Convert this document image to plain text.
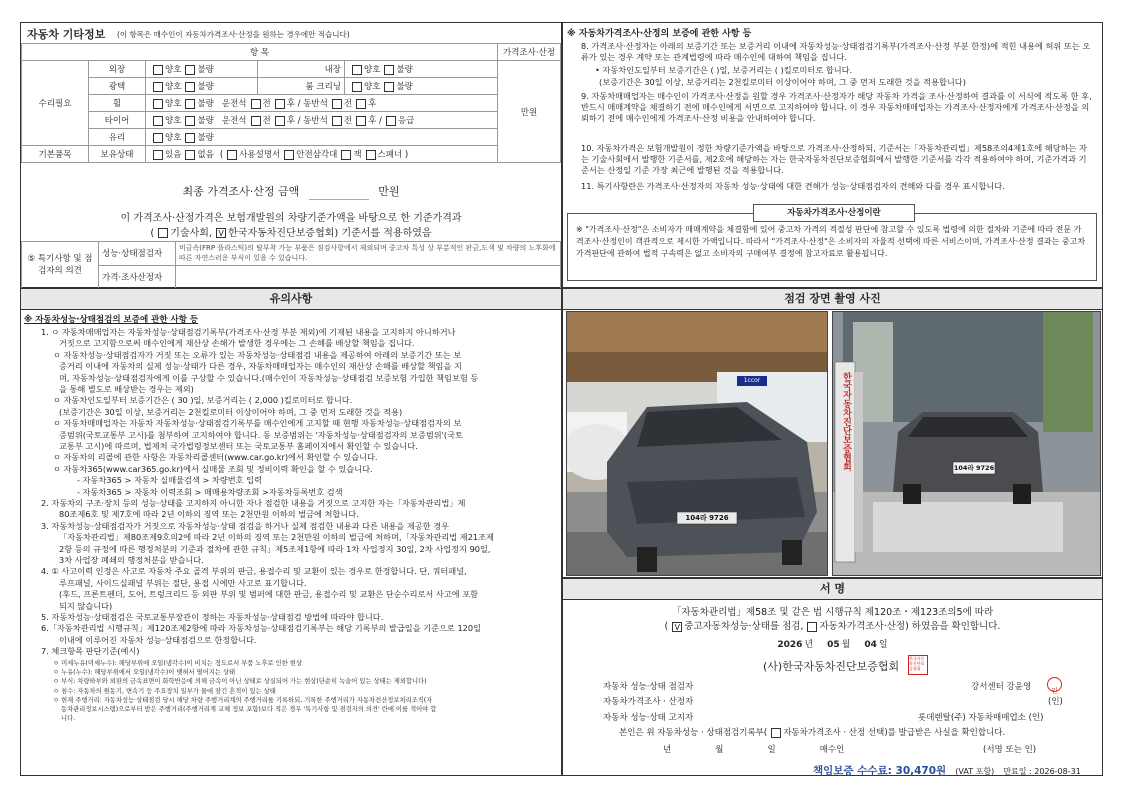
자동차 기타정보 (이 항목은 매수인이 자동차가격조사·산정을 원하는 경우에만 적습니다)
항 목					가격조사·산정
수리필요	외장	양호 불량	내장	양호 불량	만원
	광택	양호 불량	룸 크리닝	양호 불량	
	휠	양호 불량 운전석 전 후 / 동반석 전 후			
	타이어	양호 불량 운전석 전 후 / 동반석 전 후 / 응급			
	유리	양호 불량			
기본품목	보유상태	있음 없음 ( 사용설명서 안전삼각대 잭 스패너 )			
최종 가격조사·산정 금액	만원
이 가격조사·산정가격은 보험개발원의 차량기준가액을 바탕으로 한 기준가격과
( 기술사회, V 한국자동차진단보증협회) 기준서를 적용하였음
⑤ 특기사항 및 점검자의 의견	성능·상태점검자	비금속(FRP 플라스틱)의 탈부착 가능 부품은 점검사항에서 제외되며 중고차 특성 상 부분적인 판금,도색 및 차량의 노후화에 따른 자연스러운 부식이 있을 수 있습니다.
	가격·조사산정자	
※ 자동차가격조사·산정의 보증에 관한 사항 등
8. 가격조사·산정자는 아래의 보증기간 또는 보증거리 이내에 자동차성능·상태점검기록부(가격조사·산정 부분 한정)에 적힌 내용에 허위 또는 오류가 있는 경우 계약 또는 관계법령에 따라 매수인에 대하여 책임을 집니다.
• 자동차인도일부터 보증기간은 ( )일, 보증거리는 ( )킬로미터로 합니다.
(보증기간은 30일 이상, 보증거리는 2천킬로미터 이상이어야 하며, 그 중 먼저 도래한 것을 적용합니다)
9. 자동차매매업자는 매수인이 가격조사·산정을 원할 경우 가격조사·산정자가 해당 자동차 가격을 조사·산정하여 결과를 이 서식에 적도록 한 후, 반드시 매매계약을 체결하기 전에 매수인에게 서면으로 고지하여야 합니다. 이 경우 자동차매매업자는 가격조사·산정자에게 가격조사·산정을 의뢰하기 전에 매수인에게 가격조사·산정 비용을 안내하여야 합니다.
10. 자동차가격은 보험개발원이 정한 차량기준가액을 바탕으로 가격조사·산정하되, 기준서는「자동차관리법」제58조의4제1호에 해당하는 자는 기술사회에서 발행한 기준서를, 제2호에 해당하는 자는 한국자동차진단보증협회에서 발행한 기준서를 각각 적용하여야 하며, 기준가격과 기준서는 산정일 기준 가장 최근에 발행된 것을 적용합니다.
11. 특기사항란은 가격조사·산정자의 자동차 성능·상태에 대한 견해가 성능·상태점검자의 견해와 다를 경우 표시합니다.
자동차가격조사·산정이란
※ "가격조사·산정"은 소비자가 매매계약을 체결함에 있어 중고차 가격의 적절성 판단에 참고할 수 있도록 법령에 의한 절차와 기준에 따라 전문 가격조사·산정인이 객관적으로 제시한 가액입니다. 따라서 "가격조사·산정"은 소비자의 자율적 선택에 따른 서비스이며, 가격조사·산정 결과는 중고차 가격판단에 관하여 법적 구속력은 없고 소비자의 구매여부 결정에 참고자료로 활용됩니다.
유의사항
※ 자동차성능·상태점검의 보증에 관한 사항 등
1. ㅇ 자동차매매업자는 자동차성능·상태점검기록부(가격조사·산정 부분 제외)에 기재된 내용을 고지하지 아니하거나
거짓으로 고지함으로써 매수인에게 재산상 손해가 발생한 경우에는 그 손해를 배상할 책임을 집니다.
ㅇ 자동차성능·상태점검자가 거짓 또는 오류가 있는 자동차성능·상태점검 내용을 제공하여 아래의 보증기간 또는 보
증거리 이내에 자동차의 실제 성능·상태가 다른 경우, 자동차매매업자는 매수인의 재산상 손해를 배상할 책임을 지
며, 자동차성능·상태점검자에게 이를 구상할 수 있습니다.(매수인이 자동차성능·상태점검 보증보험 가입한 책임보험 등
을 통해 별도로 배상받는 경우는 제외)
ㅇ 자동차인도일부터 보증기간은 ( 30 )일, 보증거리는 ( 2,000 )킬로미터로 합니다.
(보증기간은 30일 이상, 보증거리는 2천킬로미터 이상이어야 하며, 그 중 먼저 도래한 것을 적용)
ㅇ 자동차매매업자는 자동차 자동차성능·상태점검기록부를 매수인에게 고지할 때 현행 자동차성능·상태점검자의 보
증범위(국토교통부 고시)를 첨부하여 고지하여야 합니다. 동 보증범위는 '자동차성능·상태점검자의 보증범위'(국토
교통부 고시)에 따르며, 법제처 국가법령정보센터 또는 국토교통부 홈페이지에서 확인할 수 있습니다.
ㅇ 자동차의 리콜에 관한 사항은 자동차리콜센터(www.car.go.kr)에서 확인할 수 있습니다.
ㅇ 자동차365(www.car365.go.kr)에서 실매물 조회 및 정비이력 확인을 할 수 있습니다.
- 자동차365 > 자동차 실매물검색 > 차량번호 입력
- 자동차365 > 자동차 이력조회 > 매매용차량조회 >자동차등록번호 검색
2. 자동차의 구조·장치 등의 성능·상태를 고지하지 아니한 자나 점검한 내용을 거짓으로 고지한 자는「자동차관리법」제
80조제6호 및 제7호에 따라 2년 이하의 징역 또는 2천만원 이하의 벌금에 처합니다.
3. 자동차성능·상태점검자가 거짓으로 자동차성능·상태 점검을 하거나 실제 점검한 내용과 다른 내용을 제공한 경우
「자동차관리법」제80조제9호의2에 따라 2년 이하의 징역 또는 2천만원 이하의 벌금에 처하며,「자동차관리법 제21조제
2항 등의 규정에 따른 행정처분의 기준과 절차에 관한 규칙」제5조제1항에 따라 1차 사업정지 30일, 2차 사업정지 90일,
3차 사업장 폐쇄의 행정처분을 받습니다.
4. ① 사고이력 인정은 사고로 자동차 주요 골격 부위의 판금, 용접수리 및 교환이 있는 경우로 한정합니다. 단, 쿼터패널,
루프패널, 사이드실패널 부위는 절단, 용접 시에만 사고로 표기합니다.
(후드, 프론트펜더, 도어, 트렁크리드 등 외판 부위 및 범퍼에 대한 판금, 용접수리 및 교환은 단순수리로서 사고에 포함
되지 않습니다)
5. 자동차성능·상태점검은 국토교통부장관이 정하는 자동차성능·상태점검 방법에 따라야 합니다.
6.「자동차관리법 시행규칙」제120조제2항에 따라 자동차성능·상태점검기록부는 해당 기록부의 발급일을 기준으로 120일
이내에 이루어진 자동차 성능·상태점검으로 한정합니다.
7. 체크항목 판단기준(예시)
ㅇ 미세누유(미세누수): 해당부위에 오일(냉각수)이 비치는 정도로서 부품 노후로 인한 현상
ㅇ 누유(누수): 해당부위에서 오일(냉각수)이 맺혀서 떨어지는 상태
ㅇ 부식: 차량하부와 외판의 금속표면이 화학반응에 의해 금속이 아닌 상태로 상실되어 가는 현상(단순히 녹슬어 있는 상태는 제외합니다)
ㅇ 침수: 자동차의 원동기, 변속기 등 주요장치 일부가 물에 잠긴 흔적이 있는 상태
ㅇ 현재 주행거리: 자동차성능·상태점검 당시 해당 차량 주행거리계의 주행거리를 기록하되, 기록한 주행거리가 자동차전산정보처리조직(자
동차관리정보시스템)으로부터 받은 주행거리(주행거리계 교체 정보 포함)보다 적은 경우 '특기사항 및 점검자의 의견' 란에 이를 적어야 합
니다.
점검 장면 촬영 사진
1ccor
104라 9726
한국자동차진단보증협회	104라 9726
서 명
「자동차관리법」제58조 및 같은 법 시행규칙 제120조・제123조의5에 따라
( V 중고자동차성능·상태를 점검, 자동차가격조사·산정) 하였음을 확인합니다.
2026 년 05 월 04 일
(사)한국자동차진단보증협회
한국자동차진단보증협회
자동차 성능·상태 점검자	강서센터 강윤영	인
자동차가격조사 · 산정자	(인)
자동차 성능·상태 고지자	롯데렌탈(주) 자동차매매업소 (인)
본인은 위 자동차성능 · 상태점검기록부( 자동차가격조사 · 산정 선택)를 발급받은 사실을 확인합니다.
년	월	일	매수인	(서명 또는 인)
책임보증 수수료: 30,470원 (VAT 포함) 만료일 : 2026-08-31
